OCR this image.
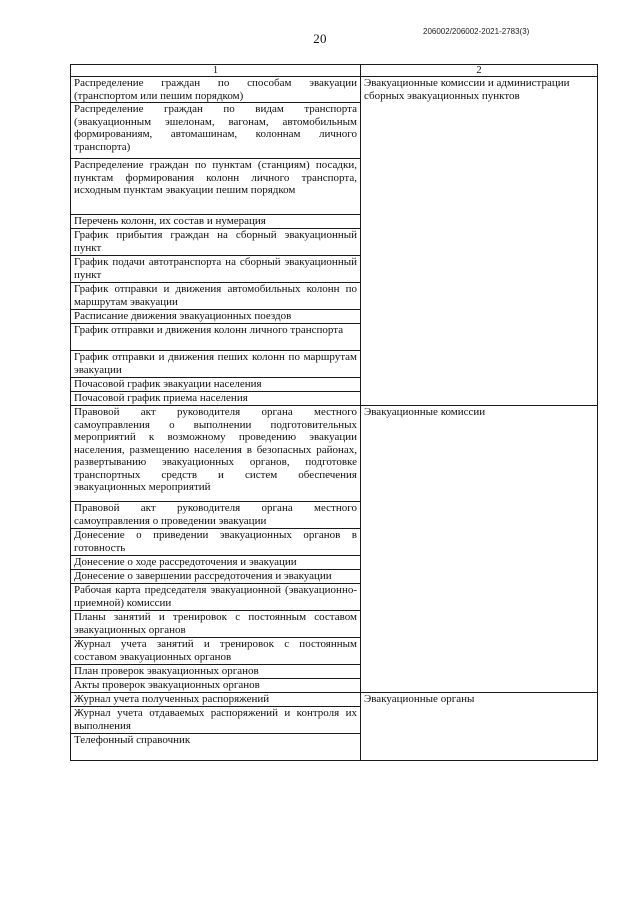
20	206002/206002-2021-2783(3)
1	2
Распределение граждан по способам эвакуации (транспортом или пешим порядком)	Эвакуационные комиссии и администрации сборных эвакуационных пунктов
Распределение граждан по видам транспорта (эвакуационным эшелонам, вагонам, автомобильным формированиям, автомашинам, колоннам личного транспорта)	
Распределение граждан по пунктам (станциям) посадки, пунктам формирования колонн личного транспорта, исходным пунктам эвакуации пешим порядком	
Перечень колонн, их состав и нумерация	
График прибытия граждан на сборный эвакуационный пункт	
График подачи автотранспорта на сборный эвакуационный пункт	
График отправки и движения автомобильных колонн по маршрутам эвакуации	
Расписание движения эвакуационных поездов	
График отправки и движения колонн личного транспорта	
График отправки и движения пеших колонн по маршрутам эвакуации	
Почасовой график эвакуации населения	
Почасовой график приема населения	
Правовой акт руководителя органа местного самоуправления о выполнении подготовительных мероприятий к возможному проведению эвакуации населения, размещению населения в безопасных районах, развертыванию эвакуационных органов, подготовке транспортных средств и систем обеспечения эвакуационных мероприятий	Эвакуационные комиссии
Правовой акт руководителя органа местного самоуправления о проведении эвакуации	
Донесение о приведении эвакуационных органов в готовность	
Донесение о ходе рассредоточения и эвакуации	
Донесение о завершении рассредоточения и эвакуации	
Рабочая карта председателя эвакуационной (эвакуационно-приемной) комиссии	
Планы занятий и тренировок с постоянным составом эвакуационных органов	
Журнал учета занятий и тренировок с постоянным составом эвакуационных органов	
План проверок эвакуационных органов	
Акты проверок эвакуационных органов	
Журнал учета полученных распоряжений	Эвакуационные органы
Журнал учета отдаваемых распоряжений и контроля их выполнения	
Телефонный справочник	
